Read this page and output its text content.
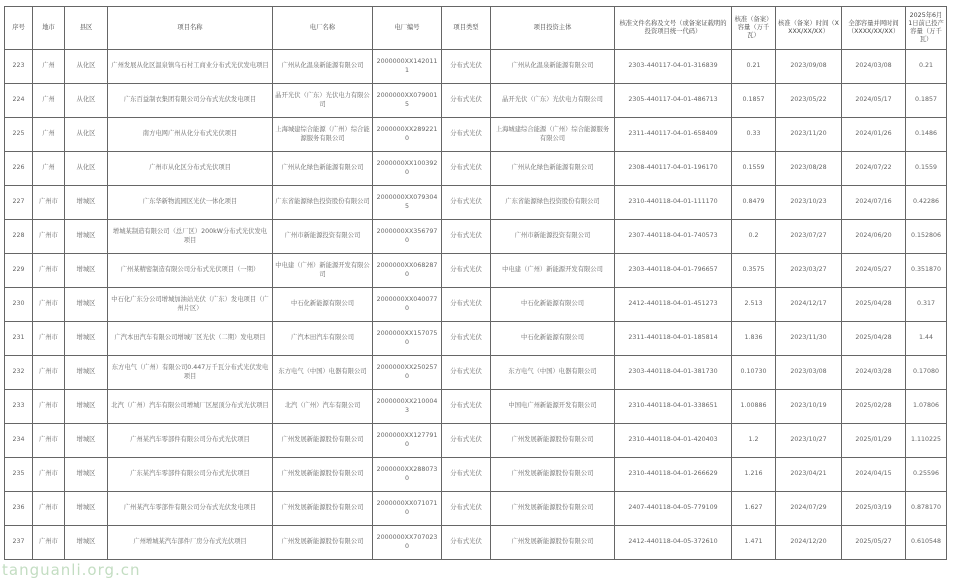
序号	地市	县区	项目名称	电厂名称	电厂编号	项目类型	项目投资主体	核准文件名称及文号（或备案证载明的投资项目统一代码）	核准（备案）容量（万千瓦）	核准（备案）时间（XXXX/XX/XX）	全部容量并网时间（XXXX/XX/XX）	2025年6月1日前已投产容量（万千瓦）
223	广州	从化区	广州发展从化区温泉镇乌石村工商业分布式光伏发电项目	广州从化温泉新能源有限公司	2000000XX1420111	分布式光伏	广州从化温泉新能源有限公司	2303-440117-04-01-316839	0.21	2023/09/08	2024/03/08	0.21
224	广州	从化区	广东百益制衣集团有限公司分布式光伏发电项目	晶开光伏（广东）光伏电力有限公司	2000000XX0790015	分布式光伏	晶开光伏（广东）光伏电力有限公司	2305-440117-04-01-486713	0.1857	2023/05/22	2024/05/17	0.1857
225	广州	从化区	南方电网广州从化分布式光伏项目	上海城建综合能源（广州）综合能源服务有限公司	2000000XX2892210	分布式光伏	上海城建综合能源（广州）综合能源服务有限公司	2311-440117-04-01-658409	0.33	2023/11/20	2024/01/26	0.1486
226	广州	从化区	广州市从化区分布式光伏项目	广州从化绿色新能源有限公司	2000000XX1003920	分布式光伏	广州从化绿色新能源有限公司	2308-440117-04-01-196170	0.1559	2023/08/28	2024/07/22	0.1559
227	广州市	增城区	广东华新物流园区光伏一体化项目	广东省能源绿色投资股份有限公司	2000000XX0793045	分布式光伏	广东省能源绿色投资股份有限公司	2310-440118-04-01-111170	0.8479	2023/10/23	2024/07/16	0.42286
228	广州市	增城区	增城某制造有限公司（总厂区）200kW分布式光伏发电项目	广州市新能源投资有限公司	2000000XX3567970	分布式光伏	广州市新能源投资有限公司	2307-440118-04-01-740573	0.2	2023/07/27	2024/06/20	0.152806
229	广州市	增城区	广州某精密制造有限公司分布式光伏项目（一期）	中电建（广州）新能源开发有限公司	2000000XX0682870	分布式光伏	中电建（广州）新能源开发有限公司	2303-440118-04-01-796657	0.3575	2023/03/27	2024/05/27	0.351870
230	广州市	增城区	中石化广东分公司增城加油站光伏（广东）发电项目（广州片区）	中石化新能源有限公司	2000000XX0400770	分布式光伏	中石化新能源有限公司	2412-440118-04-01-451273	2.513	2024/12/17	2025/04/28	0.317
231	广州市	增城区	广汽本田汽车有限公司增城厂区光伏（二期）发电项目	广汽本田汽车有限公司	2000000XX1570750	分布式光伏	中石化新能源有限公司	2311-440118-04-01-185814	1.836	2023/11/30	2025/04/28	1.44
232	广州市	增城区	东方电气（广州）有限公司0.447万千瓦分布式光伏发电项目	东方电气（中国）电器有限公司	2000000XX2502570	分布式光伏	东方电气（中国）电器有限公司	2303-440118-04-01-381730	0.10730	2023/03/08	2024/03/28	0.17080
233	广州市	增城区	北汽（广州）汽车有限公司增城厂区屋顶分布式光伏项目	北汽（广州）汽车有限公司	2000000XX2100043	分布式光伏	中国电广州新能源开发有限公司	2310-440118-04-01-338651	1.00886	2023/10/19	2025/02/28	1.07806
234	广州市	增城区	广州某汽车零部件有限公司分布式光伏项目	广州发展新能源股份有限公司	2000000XX1277910	分布式光伏	广州发展新能源股份有限公司	2310-440118-04-01-420403	1.2	2023/10/27	2025/01/29	1.110225
235	广州市	增城区	广东某汽车零部件有限公司分布式光伏项目	广州发展新能源股份有限公司	2000000XX2880730	分布式光伏	广州发展新能源股份有限公司	2310-440118-04-01-266629	1.216	2023/04/21	2024/04/15	0.25596
236	广州市	增城区	广州某汽车零部件有限公司分布式光伏发电项目	广州发展新能源股份有限公司	2000000XX0710710	分布式光伏	广州发展新能源股份有限公司	2407-440118-04-05-779109	1.627	2024/07/29	2025/03/19	0.878170
237	广州市	增城区	广州增城某汽车部件厂房分布式光伏项目	广州发展新能源股份有限公司	2000000XX7070230	分布式光伏	广州发展新能源股份有限公司	2412-440118-04-05-372610	1.471	2024/12/20	2025/05/27	0.610548
tanguanli.org.cn
